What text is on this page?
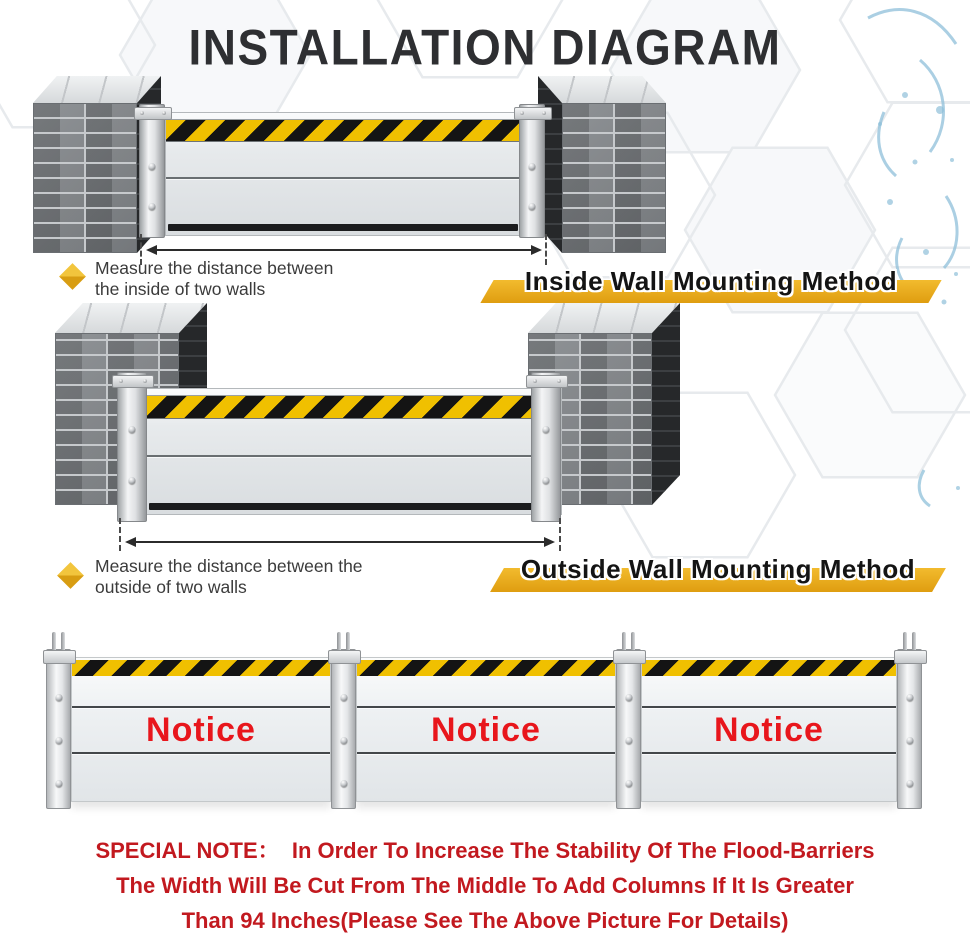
INSTALLATION DIAGRAM
Measure the distance between
the inside of two walls	Inside Wall Mounting Method
Measure the distance between the
outside of two walls
Outside Wall Mounting Method
Notice	Notice	Notice
SPECIAL NOTE：  In Order To Increase The Stability Of The Flood-Barriers
The Width Will Be Cut From The Middle To Add Columns If It Is Greater
Than 94 Inches(Please See The Above Picture For Details)
